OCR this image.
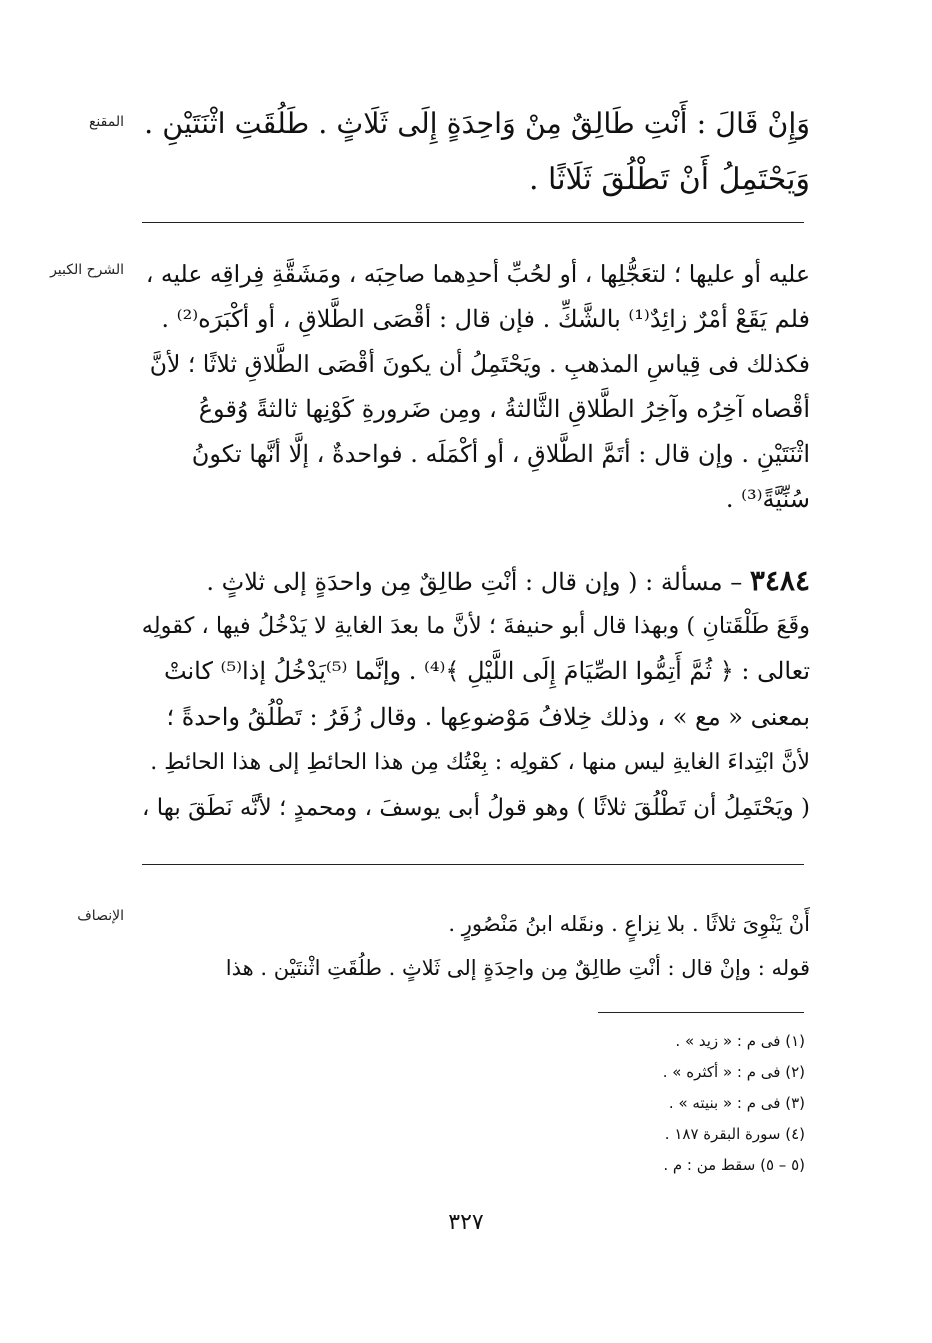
المقنع وَإِنْ قَالَ : أَنْتِ طَالِقٌ مِنْ وَاحِدَةٍ إِلَى ثَلَاثٍ . طَلُقَتِ اثْنَتَيْنِ .
وَيَحْتَمِلُ أَنْ تَطْلُقَ ثَلَاثًا .
الشرح الكبير عليه أو عليها ؛ لتعَجُّلِها ، أو لحُبِّ أحدِهما صاحِبَه ، ومَشَقَّةِ فِراقِه عليه ،
فلم يَقَعْ أمْرٌ زائِدٌ⁽¹⁾ بالشَّكِّ . فإن قال : أقْصَى الطَّلاقِ ، أو أكْبَرَه⁽²⁾ .
فكذلك فى قِياسِ المذهبِ . ويَحْتَمِلُ أن يكونَ أقْصَى الطَّلاقِ ثلاثًا ؛ لأنَّ
أقْصاه آخِرُه وآخِرُ الطَّلاقِ الثَّالثةُ ، ومِن ضَرورةِ كَوْنِها ثالثةً وُقوعُ
اثْنَتَيْنِ . وإن قال : أتَمَّ الطَّلاقِ ، أو أكْمَلَه . فواحدةٌ ، إلَّا أنَّها تكونُ
سُنِّيَّةً⁽³⁾ .
٣٤٨٤ – مسألة : ( وإن قال : أنْتِ طالِقٌ مِن واحدَةٍ إلى ثلاثٍ .
وقَعَ طَلْقَتانِ ) وبهذا قال أبو حنيفةَ ؛ لأنَّ ما بعدَ الغايةِ لا يَدْخُلُ فيها ، كقولِه
تعالى : ﴿ ثُمَّ أَتِمُّوا الصِّيَامَ إِلَى اللَّيْلِ ﴾⁽⁴⁾ . وإنَّما ⁽⁵⁾يَدْخُلُ إذا⁽⁵⁾ كانتْ
بمعنى « مع » ، وذلك خِلافُ مَوْضوعِها . وقال زُفَرُ : تَطْلُقُ واحدةً ؛
لأنَّ ابْتِداءَ الغايةِ ليس منها ، كقولِه : بِعْتُك مِن هذا الحائطِ إلى هذا الحائطِ .
( ويَحْتَمِلُ أن تَطْلُقَ ثلاثًا ) وهو قولُ أبى يوسفَ ، ومحمدٍ ؛ لأنَّه نَطَقَ بها ،
الإنصاف	أَنْ يَنْوِىَ ثلاثًا . بلا نِزاعٍ . ونقَله ابنُ مَنْصُورٍ .
قوله : وإنْ قال : أنْتِ طالِقٌ مِن واحِدَةٍ إلى ثَلاثٍ . طلُقَتِ اثْنتَيْن . هذا
(١) فى م : « زيد » .
(٢) فى م : « أكثره » .
(٣) فى م : « بنيته » .
(٤) سورة البقرة ١٨٧ .
(٥ – ٥) سقط من : م .
٣٢٧
